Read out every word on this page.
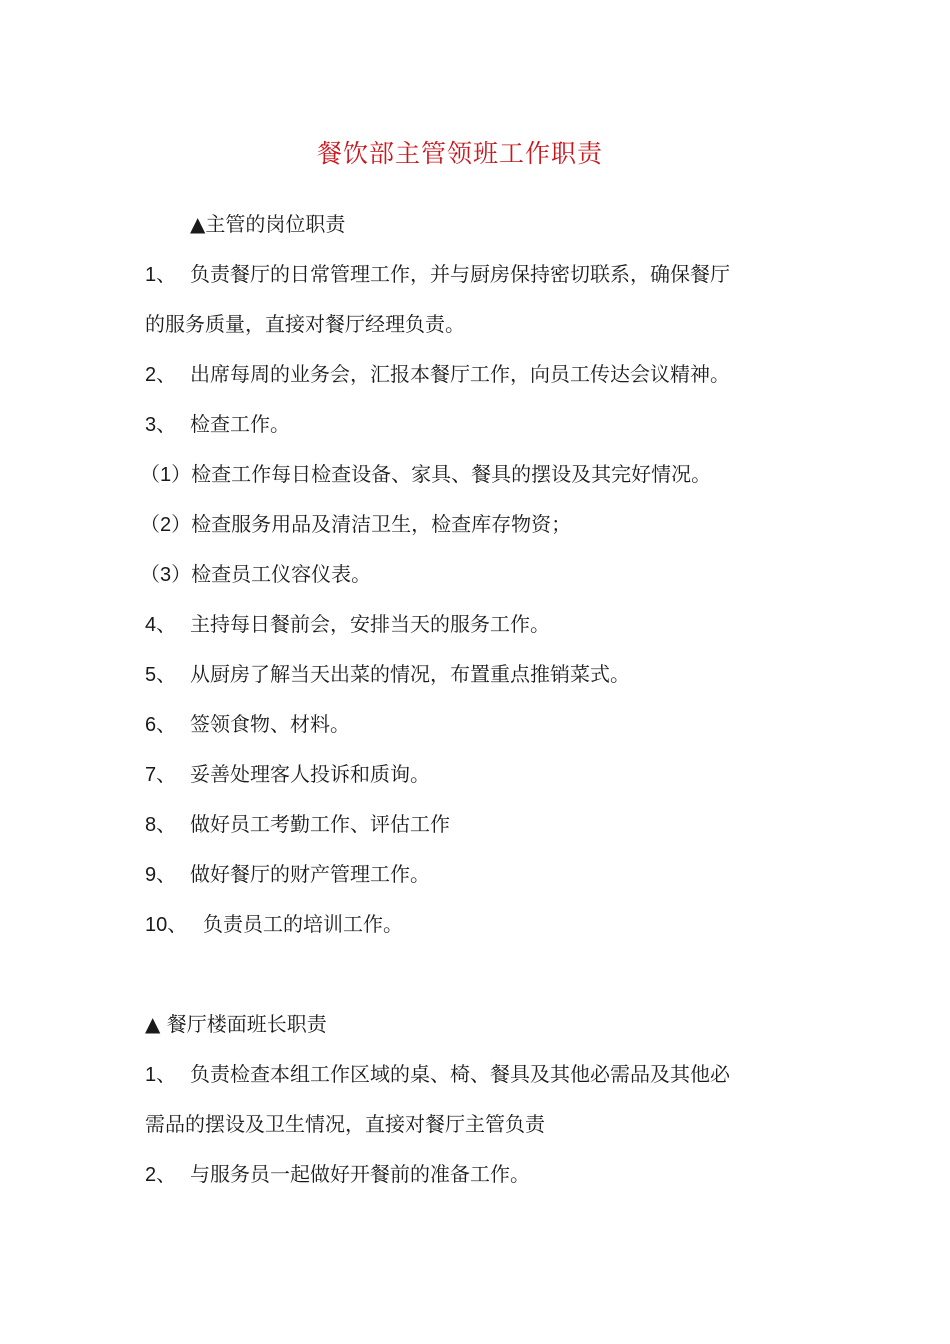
餐饮部主管领班工作职责
▲主管的岗位职责
1、 负责餐厅的日常管理工作，并与厨房保持密切联系，确保餐厅
的服务质量，直接对餐厅经理负责。
2、 出席每周的业务会，汇报本餐厅工作，向员工传达会议精神。
3、 检查工作。
（1）检查工作每日检查设备、家具、餐具的摆设及其完好情况。
（2）检查服务用品及清洁卫生，检查库存物资；
（3）检查员工仪容仪表。
4、 主持每日餐前会，安排当天的服务工作。
5、 从厨房了解当天出菜的情况，布置重点推销菜式。
6、 签领食物、材料。
7、 妥善处理客人投诉和质询。
8、 做好员工考勤工作、评估工作
9、 做好餐厅的财产管理工作。
10、 负责员工的培训工作。
▲ 餐厅楼面班长职责
1、 负责检查本组工作区域的桌、椅、餐具及其他必需品及其他必
需品的摆设及卫生情况，直接对餐厅主管负责
2、 与服务员一起做好开餐前的准备工作。
